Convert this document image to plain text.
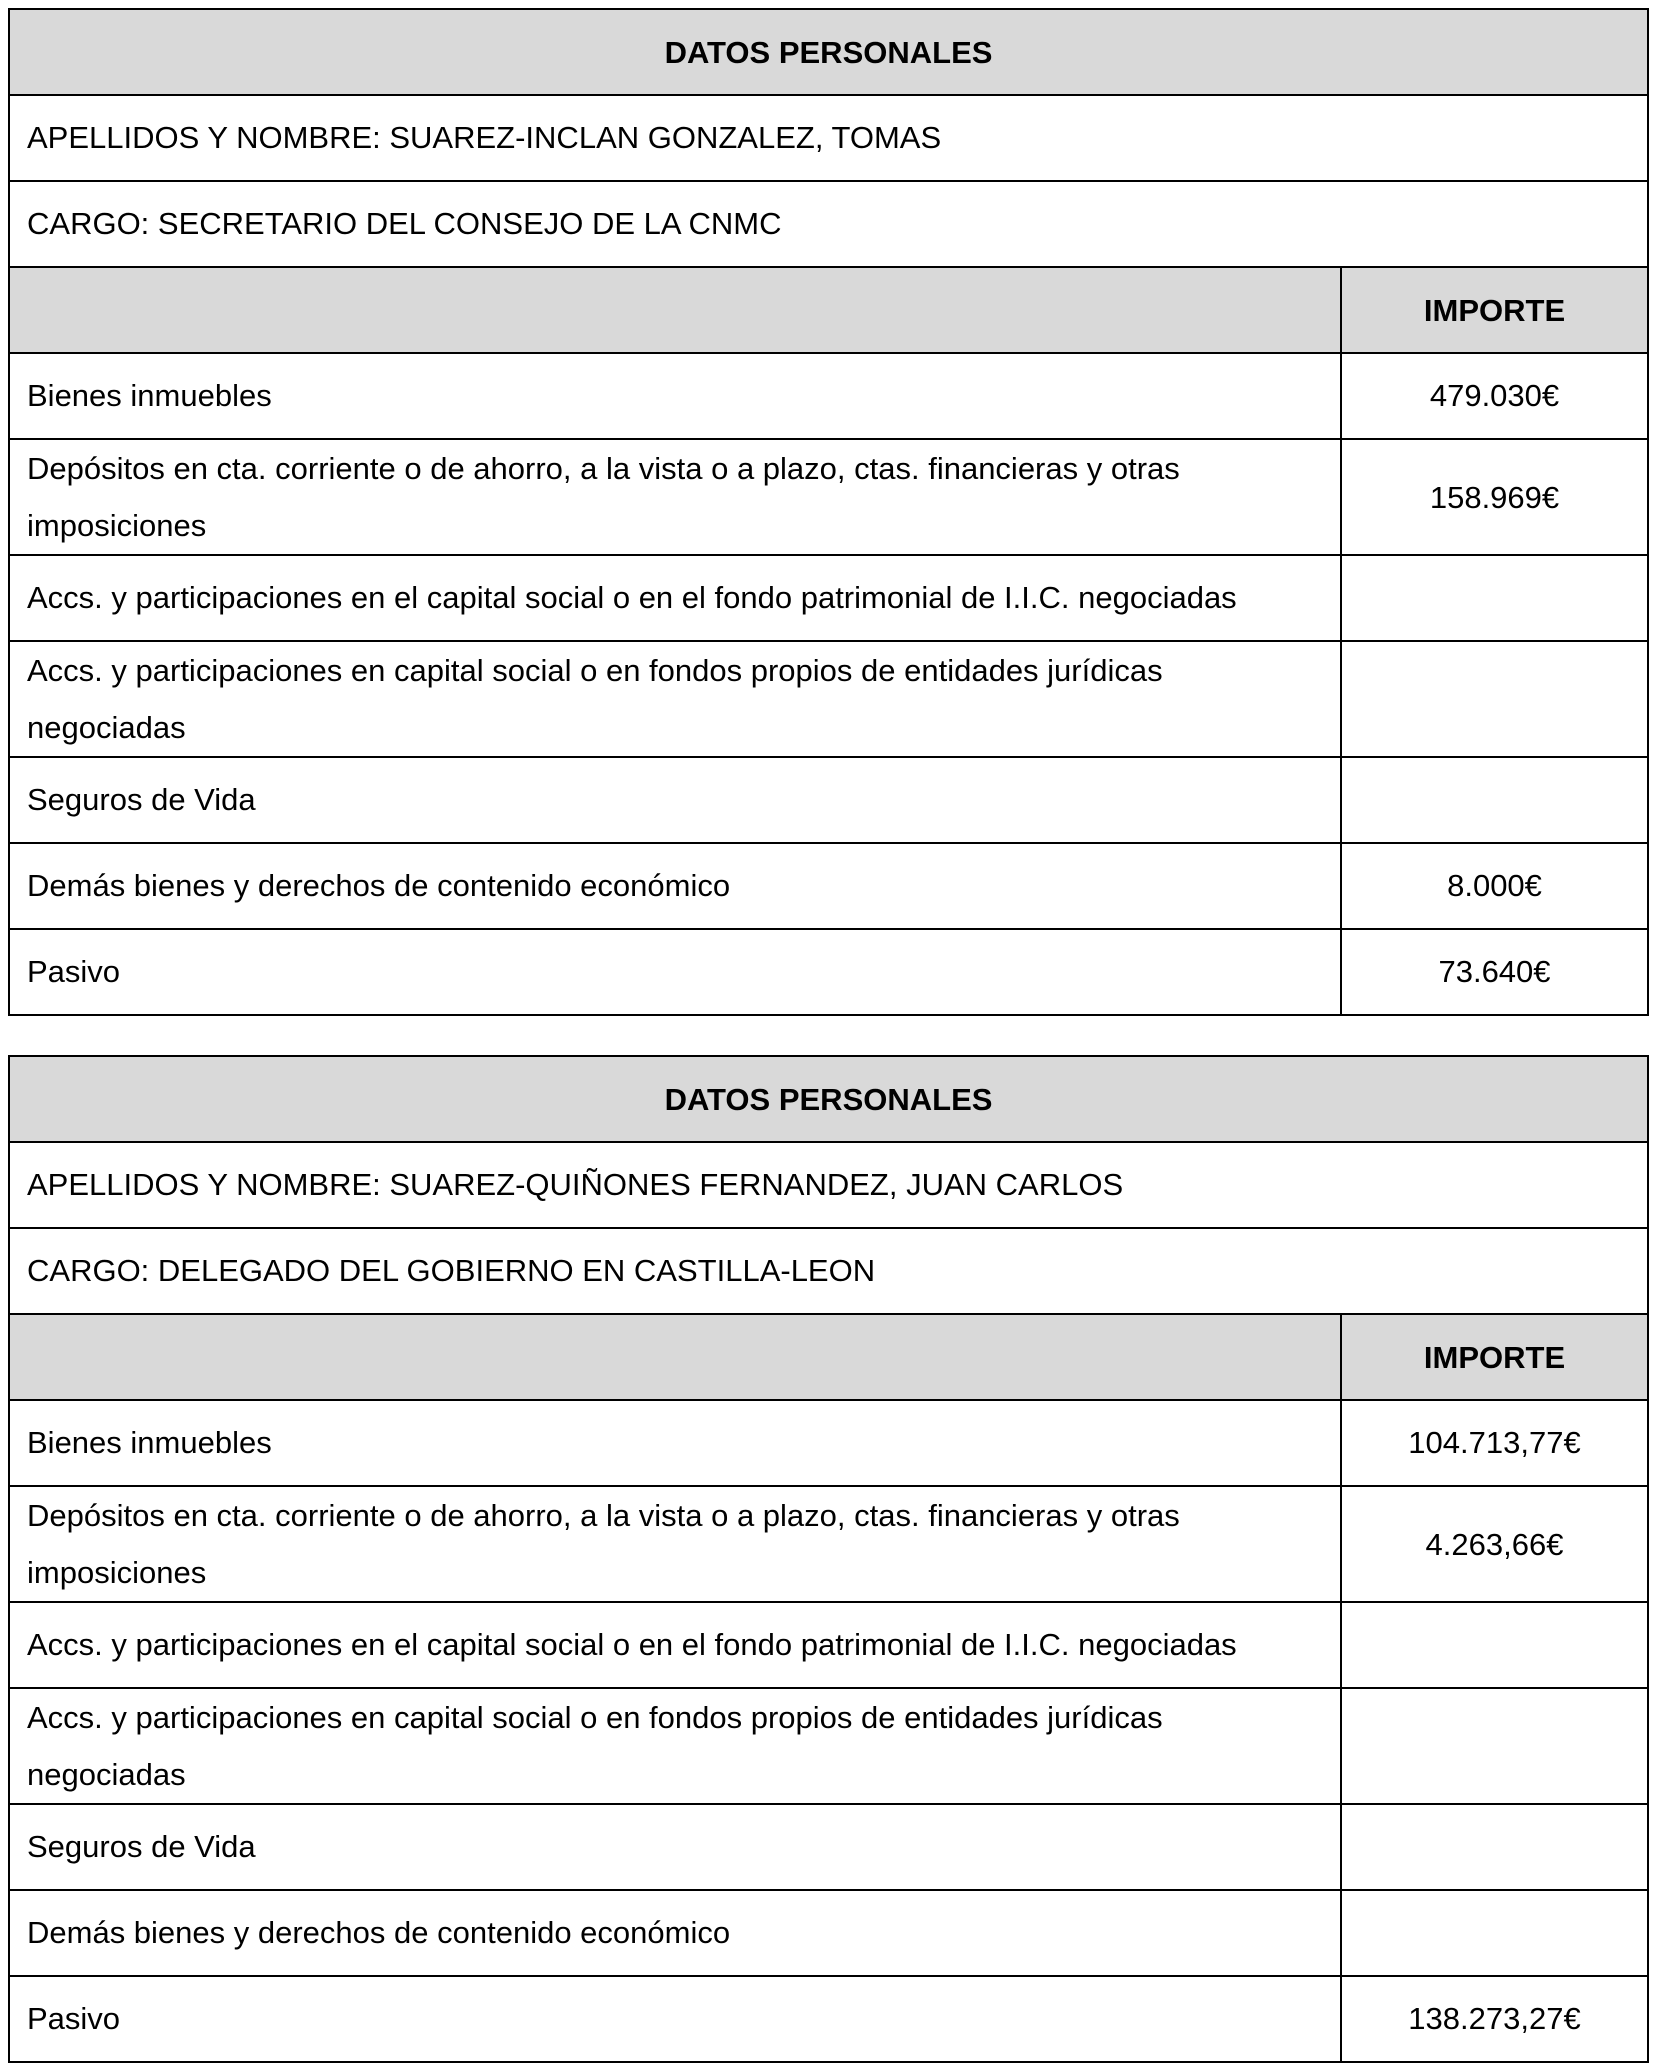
DATOS PERSONALES	
APELLIDOS Y NOMBRE: SUAREZ-INCLAN GONZALEZ, TOMAS	
CARGO: SECRETARIO DEL CONSEJO DE LA CNMC	
	IMPORTE
Bienes inmuebles	479.030€
Depósitos en cta. corriente o de ahorro, a la vista o a plazo, ctas. financieras y otras imposiciones	158.969€
Accs. y participaciones en el capital social o en el fondo patrimonial de I.I.C. negociadas	
Accs. y participaciones en capital social o en fondos propios de entidades jurídicas negociadas	
Seguros de Vida	
Demás bienes y derechos de contenido económico	8.000€
Pasivo	73.640€
DATOS PERSONALES	
APELLIDOS Y NOMBRE: SUAREZ-QUIÑONES FERNANDEZ, JUAN CARLOS	
CARGO: DELEGADO DEL GOBIERNO EN CASTILLA-LEON	
	IMPORTE
Bienes inmuebles	104.713,77€
Depósitos en cta. corriente o de ahorro, a la vista o a plazo, ctas. financieras y otras imposiciones	4.263,66€
Accs. y participaciones en el capital social o en el fondo patrimonial de I.I.C. negociadas	
Accs. y participaciones en capital social o en fondos propios de entidades jurídicas negociadas	
Seguros de Vida	
Demás bienes y derechos de contenido económico	
Pasivo	138.273,27€
